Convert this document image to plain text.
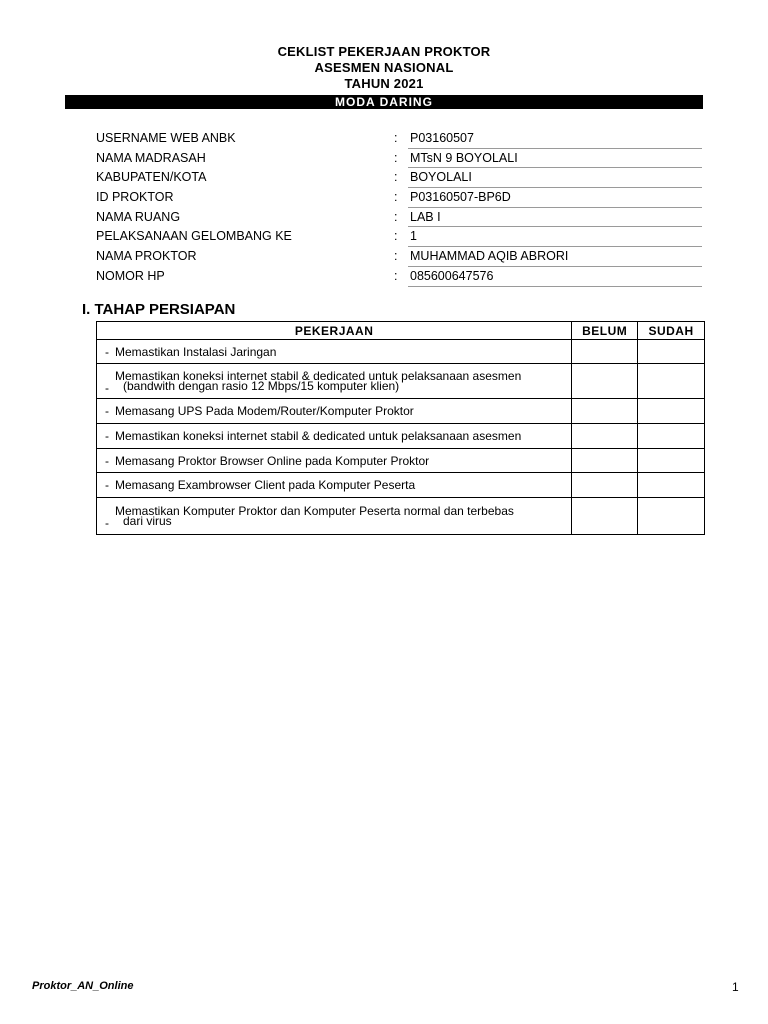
CEKLIST PEKERJAAN PROKTOR
ASESMEN NASIONAL
TAHUN 2021
MODA DARING
USERNAME WEB ANBK	: P03160507
NAMA MADRASAH	: MTsN 9 BOYOLALI
KABUPATEN/KOTA	: BOYOLALI
ID PROKTOR	: P03160507-BP6D
NAMA RUANG	: LAB I
PELAKSANAAN GELOMBANG KE	: 1
NAMA PROKTOR	: MUHAMMAD AQIB ABRORI
NOMOR HP	: 085600647576
I. TAHAP PERSIAPAN
PEKERJAAN	BELUM	SUDAH

- Memastikan Instalasi Jaringan		

-
Memastikan koneksi internet stabil & dedicated untuk pelaksanaan asesmen
(bandwith dengan rasio 12 Mbps/15 komputer klien)		

- Memasang UPS Pada Modem/Router/Komputer Proktor		

- Memastikan koneksi internet stabil & dedicated untuk pelaksanaan asesmen		

- Memasang Proktor Browser Online pada Komputer Proktor		

- Memasang Exambrowser Client pada Komputer Peserta		

-
Memastikan Komputer Proktor dan Komputer Peserta normal dan terbebas
dari virus		

Proktor_AN_Online	1
